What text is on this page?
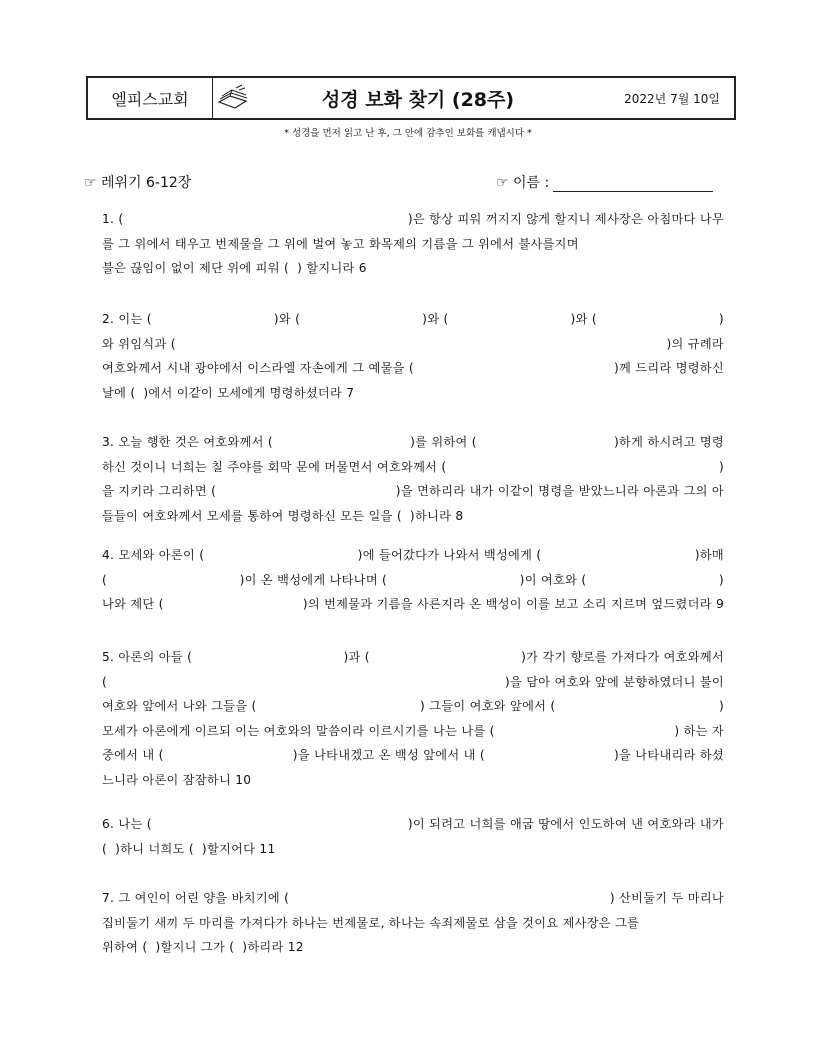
엘피스교회	성경 보화 찾기 (28주)	2022년 7월 10일
* 성경을 먼저 읽고 난 후, 그 안에 감추인 보화를 캐냅시다 *
☞ 레위기 6-12장	☞ 이름 :
1. (	)은 항상 피워 꺼지지 않게 할지니 제사장은 아침마다 나무
를 그 위에서 태우고 번제물을 그 위에 벌여 놓고 화목제의 기름을 그 위에서 불사를지며
불은 끊임이 없이 제단 위에 피워 ( ) 할지니라 6
2. 이는 (	)와 (	)와 (	)와 (	)
와 위임식과 (	)의 규례라
여호와께서 시내 광야에서 이스라엘 자손에게 그 예물을 (	)께 드리라 명령하신
날에 ( )에서 이같이 모세에게 명령하셨더라 7
3. 오늘 행한 것은 여호와께서 (	)를 위하여 (	)하게 하시려고 명령
하신 것이니 너희는 칠 주야를 회막 문에 머물면서 여호와께서 (	)
을 지키라 그리하면 (	)을 면하리라 내가 이같이 명령을 받았느니라 아론과 그의 아
들들이 여호와께서 모세를 통하여 명령하신 모든 일을 ( )하니라 8
4. 모세와 아론이 (	)에 들어갔다가 나와서 백성에게 (	)하매
(	)이 온 백성에게 나타나며 (	)이 여호와 (	)
나와 제단 (	)의 번제물과 기름을 사른지라 온 백성이 이를 보고 소리 지르며 엎드렸더라 9
5. 아론의 아들 (	)과 (	)가 각기 향로를 가져다가 여호와께서
(	)을 담아 여호와 앞에 분향하였더니 불이
여호와 앞에서 나와 그들을 (	) 그들이 여호와 앞에서 (	)
모세가 아론에게 이르되 이는 여호와의 말씀이라 이르시기를 나는 나를 (	) 하는 자
중에서 내 (	)을 나타내겠고 온 백성 앞에서 내 (	)을 나타내리라 하셨
느니라 아론이 잠잠하니 10
6. 나는 (	)이 되려고 너희를 애굽 땅에서 인도하여 낸 여호와라 내가
( )하니 너희도 ( )할지어다 11
7. 그 여인이 어린 양을 바치기에 (	) 산비둘기 두 마리나
집비둘기 새끼 두 마리를 가져다가 하나는 번제물로, 하나는 속죄제물로 삼을 것이요 제사장은 그를
위하여 ( )할지니 그가 ( )하리라 12
